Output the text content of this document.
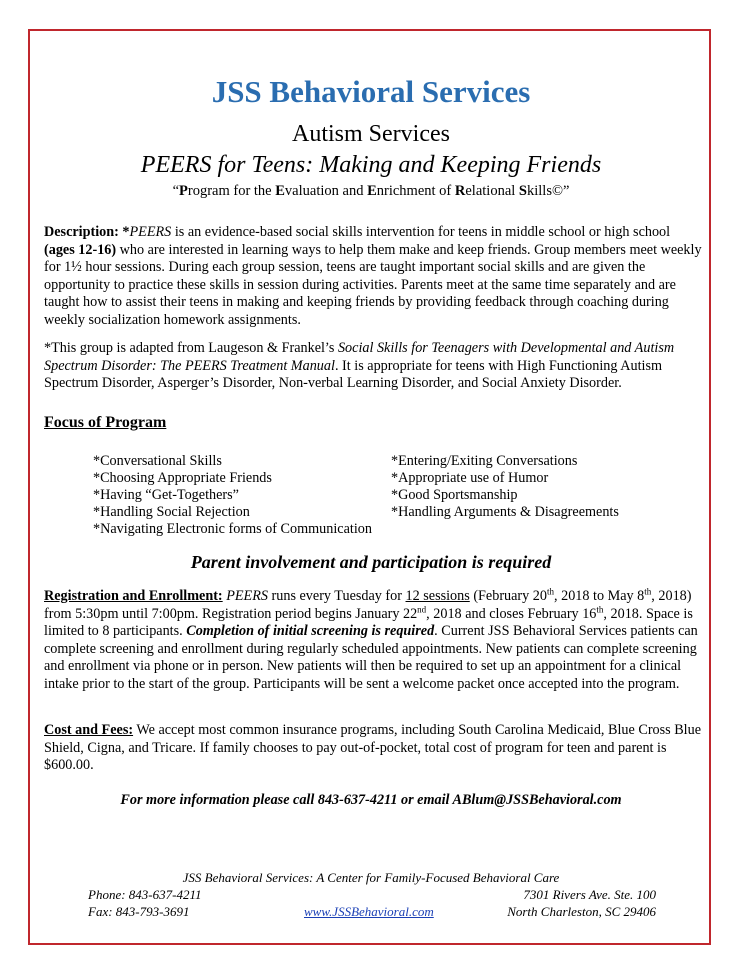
JSS Behavioral Services
Autism Services
PEERS for Teens: Making and Keeping Friends
“Program for the Evaluation and Enrichment of Relational Skills©”
Description: *PEERS is an evidence-based social skills intervention for teens in middle school or high school (ages 12-16) who are interested in learning ways to help them make and keep friends. Group members meet weekly for 1½ hour sessions. During each group session, teens are taught important social skills and are given the opportunity to practice these skills in session during activities. Parents meet at the same time separately and are taught how to assist their teens in making and keeping friends by providing feedback through coaching during weekly socialization homework assignments.
*This group is adapted from Laugeson & Frankel’s Social Skills for Teenagers with Developmental and Autism Spectrum Disorder: The PEERS Treatment Manual. It is appropriate for teens with High Functioning Autism Spectrum Disorder, Asperger’s Disorder, Non-verbal Learning Disorder, and Social Anxiety Disorder.
Focus of Program
*Conversational Skills
*Choosing Appropriate Friends
*Having “Get-Togethers”
*Handling Social Rejection
*Navigating Electronic forms of Communication
*Entering/Exiting Conversations
*Appropriate use of Humor
*Good Sportsmanship
*Handling Arguments & Disagreements
Parent involvement and participation is required
Registration and Enrollment: PEERS runs every Tuesday for 12 sessions (February 20th, 2018 to May 8th, 2018) from 5:30pm until 7:00pm. Registration period begins January 22nd, 2018 and closes February 16th, 2018. Space is limited to 8 participants. Completion of initial screening is required. Current JSS Behavioral Services patients can complete screening and enrollment during regularly scheduled appointments. New patients can complete screening and enrollment via phone or in person. New patients will then be required to set up an appointment for a clinical intake prior to the start of the group. Participants will be sent a welcome packet once accepted into the program.
Cost and Fees: We accept most common insurance programs, including South Carolina Medicaid, Blue Cross Blue Shield, Cigna, and Tricare. If family chooses to pay out-of-pocket, total cost of program for teen and parent is $600.00.
For more information please call 843-637-4211 or email ABlum@JSSBehavioral.com
JSS Behavioral Services: A Center for Family-Focused Behavioral Care
Phone: 843-637-4211
Fax: 843-793-3691	www.JSSBehavioral.com
7301 Rivers Ave. Ste. 100
North Charleston, SC 29406
